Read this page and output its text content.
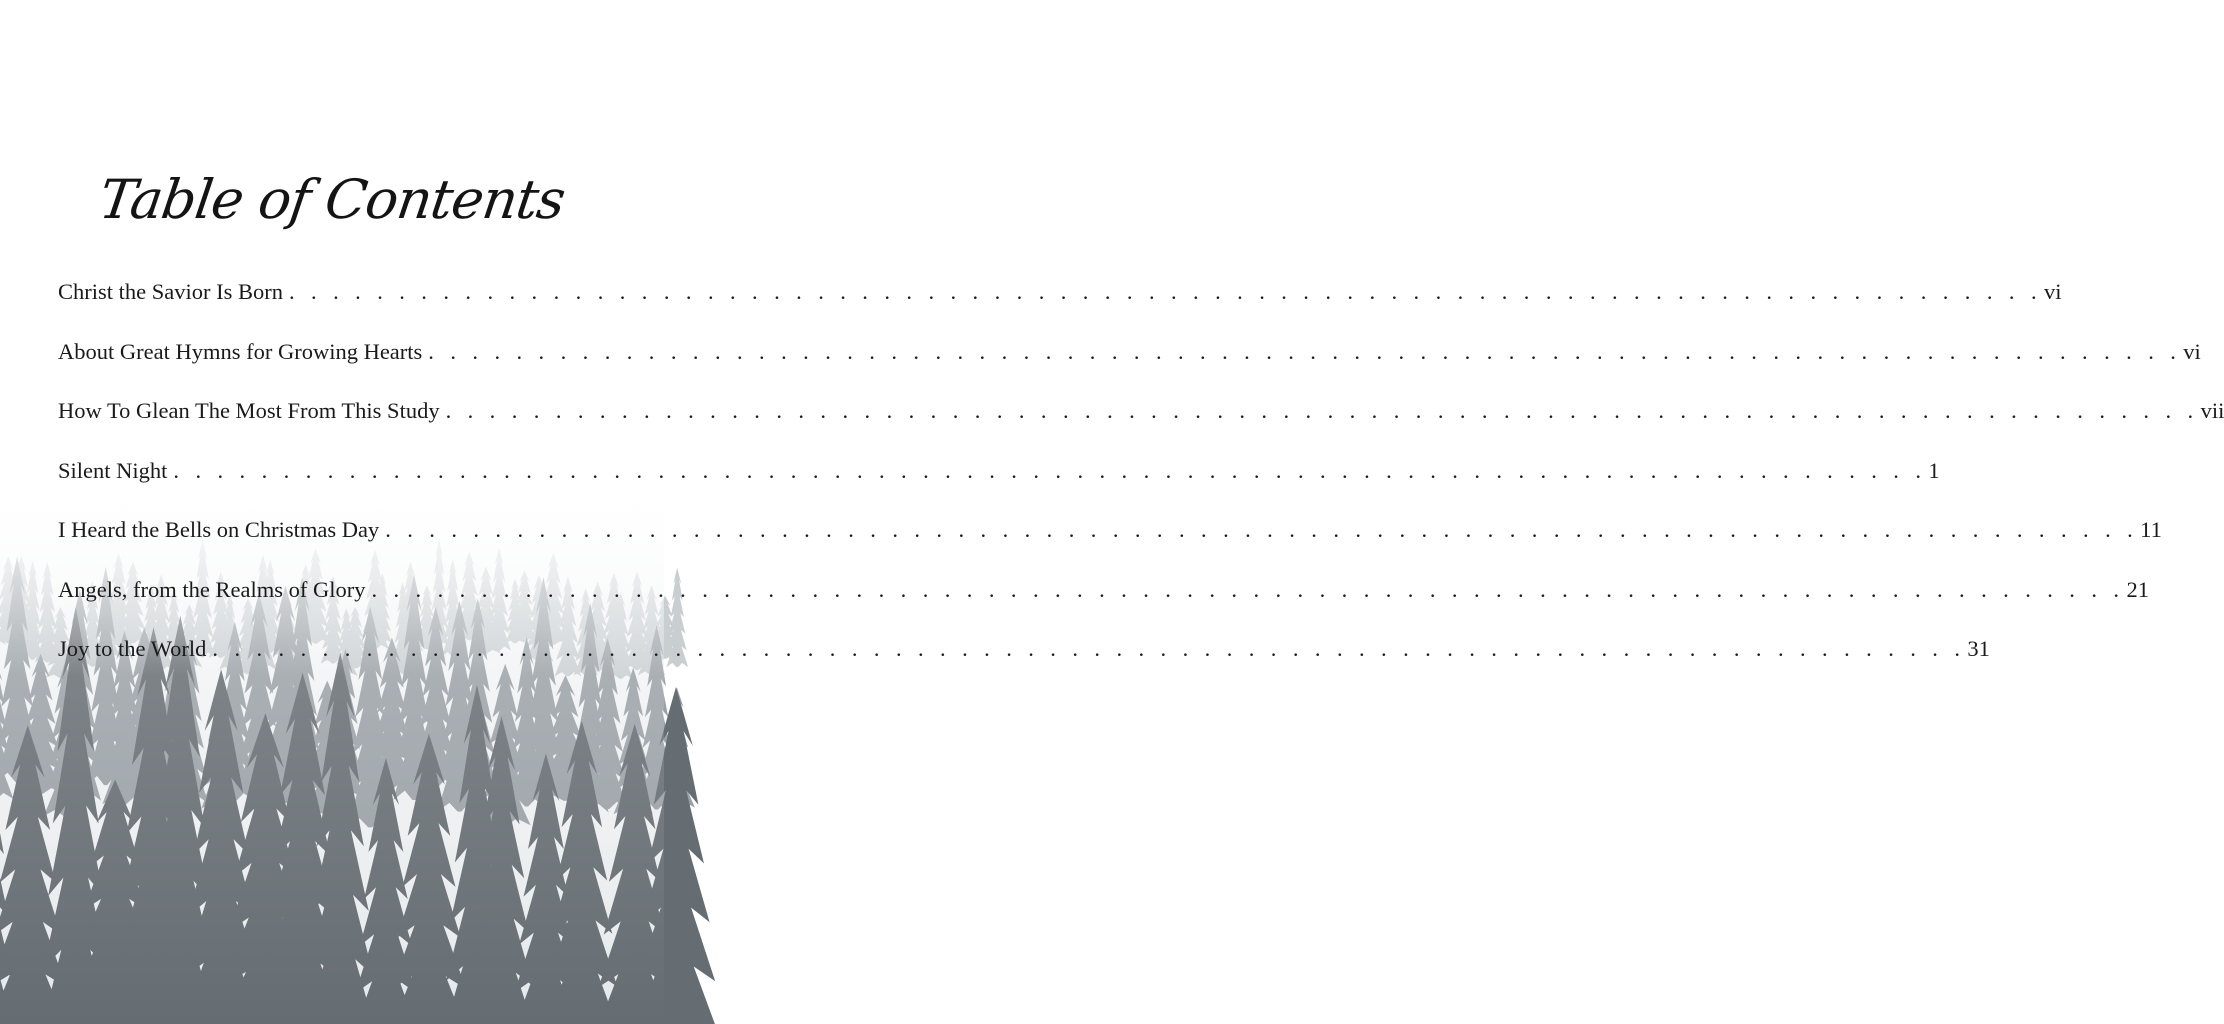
Table of Contents
Christ the Savior Is Born . . . . . . . . . . . . . . . . . . . . . . . . . . . . . . . . . . . . . . . . . . . . . . . . . . . . . . . . . . . . . . . . . . . . . . . . . . . . . . . . vi
About Great Hymns for Growing Hearts . . . . . . . . . . . . . . . . . . . . . . . . . . . . . . . . . . . . . . . . . . . . . . . . . . . . . . . . . . . . . . . . . . . . . . . . . . . . . . . . vi
How To Glean The Most From This Study . . . . . . . . . . . . . . . . . . . . . . . . . . . . . . . . . . . . . . . . . . . . . . . . . . . . . . . . . . . . . . . . . . . . . . . . . . . . . . . . vii
Silent Night . . . . . . . . . . . . . . . . . . . . . . . . . . . . . . . . . . . . . . . . . . . . . . . . . . . . . . . . . . . . . . . . . . . . . . . . . . . . . . . . 1
I Heard the Bells on Christmas Day . . . . . . . . . . . . . . . . . . . . . . . . . . . . . . . . . . . . . . . . . . . . . . . . . . . . . . . . . . . . . . . . . . . . . . . . . . . . . . . . 11
Angels, from the Realms of Glory . . . . . . . . . . . . . . . . . . . . . . . . . . . . . . . . . . . . . . . . . . . . . . . . . . . . . . . . . . . . . . . . . . . . . . . . . . . . . . . . 21
Joy to the World . . . . . . . . . . . . . . . . . . . . . . . . . . . . . . . . . . . . . . . . . . . . . . . . . . . . . . . . . . . . . . . . . . . . . . . . . . . . . . . . 31
